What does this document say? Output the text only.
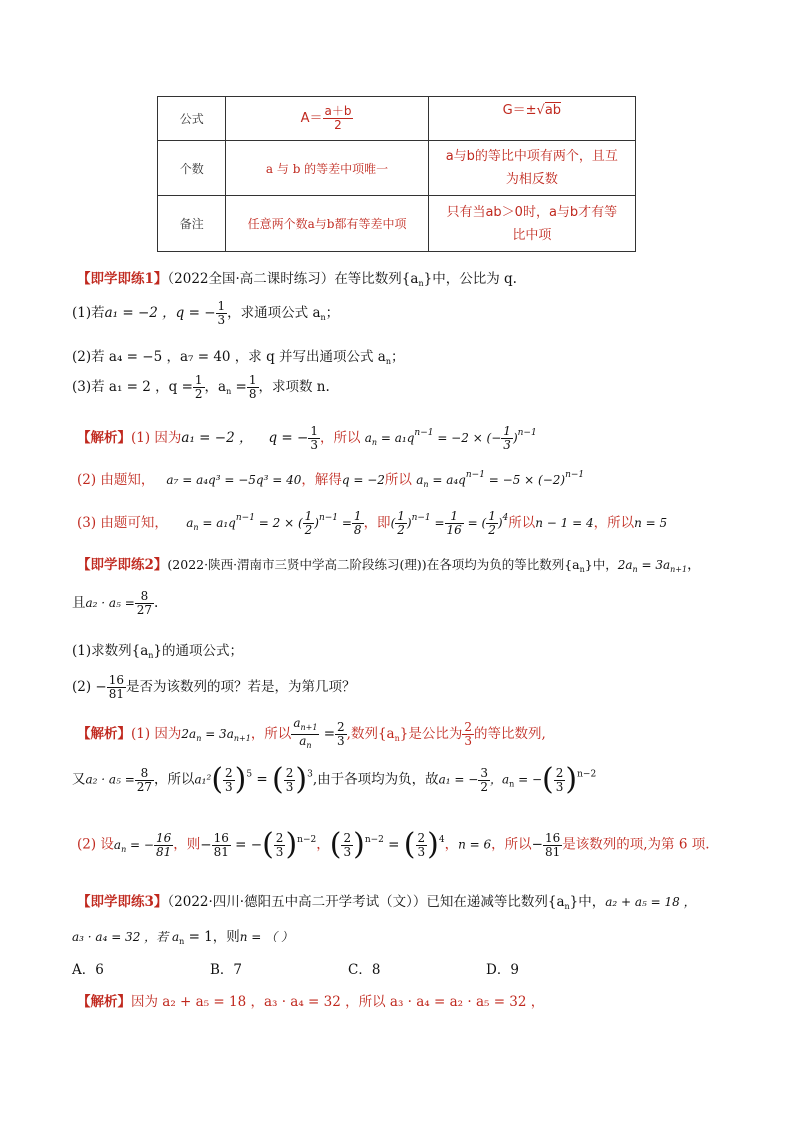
公式	$A= \frac{a+b}{2}$	G＝±√ab
个数	a 与 b 的等差中项唯一	a与b的等比中项有两个，且互
为相反数
备注	任意两个数a与b都有等差中项	只有当ab＞0时，a与b才有等
比中项
【即学即练1】（2022全国·高二课时练习）在等比数列$\{a_n\}$中，公比为 q.
(1)若a₁ = −2 ，q = − $\frac{1}{3}$ ，求通项公式 $a_n$；
(2)若 a₄ = −5 ，a₇ = 40 ，求 q 并写出通项公式 $a_n$；
(3)若 a₁ = 2 ，$q = \frac{1}{2}$ ，$a_n = \frac{1}{8}$ ，求项数 n.
【解析】(1) 因为a₁ = −2 ， q = − $\frac{1}{3}$ ，所以 $a_n = a_1q^{n-1} = -2$ × (− $\frac{1}{3} )^{n-1}$
(2) 由题知， a₇ = a₄q³ = −5q³ = 40，解得q = −2所以 $a_n = a_4q^{n-1} = -5 \times (-2)^{n-1}$
(3) 由题可知， $a_n = a_1q^{n-1} = 2$ × ( $\frac{1}{2} )^{n-1} = \frac{1}{8}$ ，即( $\frac{1}{2} )^{n-1} = \frac{1}{16}$ = ( $\frac{1}{2} )^4$所以n − 1 = 4，所以n = 5
【即学即练2】(2022·陕西·渭南市三贤中学高二阶段练习(理))在各项均为负的等比数列$\{a_n\}$中，$2a_n = 3a_{n+1}$，
且$a_2 \cdot a_5 = \frac{8}{27}$ .
(1)求数列$\{a_n\}$的通项公式；
$(2) - \frac{16}{81}$ 是否为该数列的项？若是，为第几项？
【解析】(1) 因为$2a_n = 3a_{n+1}$，所以 $\frac{a_{n+1}}{a_n} = \frac{2}{3}$ ,数列$\{a_n\}$是公比为 $\frac{2}{3}$ 的等比数列,
又$a_2 \cdot a_5 = \frac{8}{27}$ ，所以$a_1^2( \frac{2}{3} )^5$ = ( $\frac{2}{3} )^3$,由于各项均为负，故a₁ = − $\frac{3}{2}$ ，$a_n$ = −( $\frac{2}{3} )^{n-2}$
(2) 设$a_n$ = − $\frac{16}{81}$ ，则− $\frac{16}{81}$ = −( $\frac{2}{3} )^{n-2}$，( $\frac{2}{3} )^{n-2}$ = ( $\frac{2}{3} )^4$，n = 6，所以− $\frac{16}{81}$ 是该数列的项,为第 6 项.
【即学即练3】（2022·四川·德阳五中高二开学考试（文））已知在递减等比数列$\{a_n\}$中，a₂ + a₅ = 18 ，
a₃ · a₄ = 32 ，若 $a_n = 1$，则n = （ ）
A．6	B．7	C．8	D．9
【解析】因为 a₂ + a₅ = 18 ，a₃ · a₄ = 32 ，所以 a₃ · a₄ = a₂ · a₅ = 32 ，
